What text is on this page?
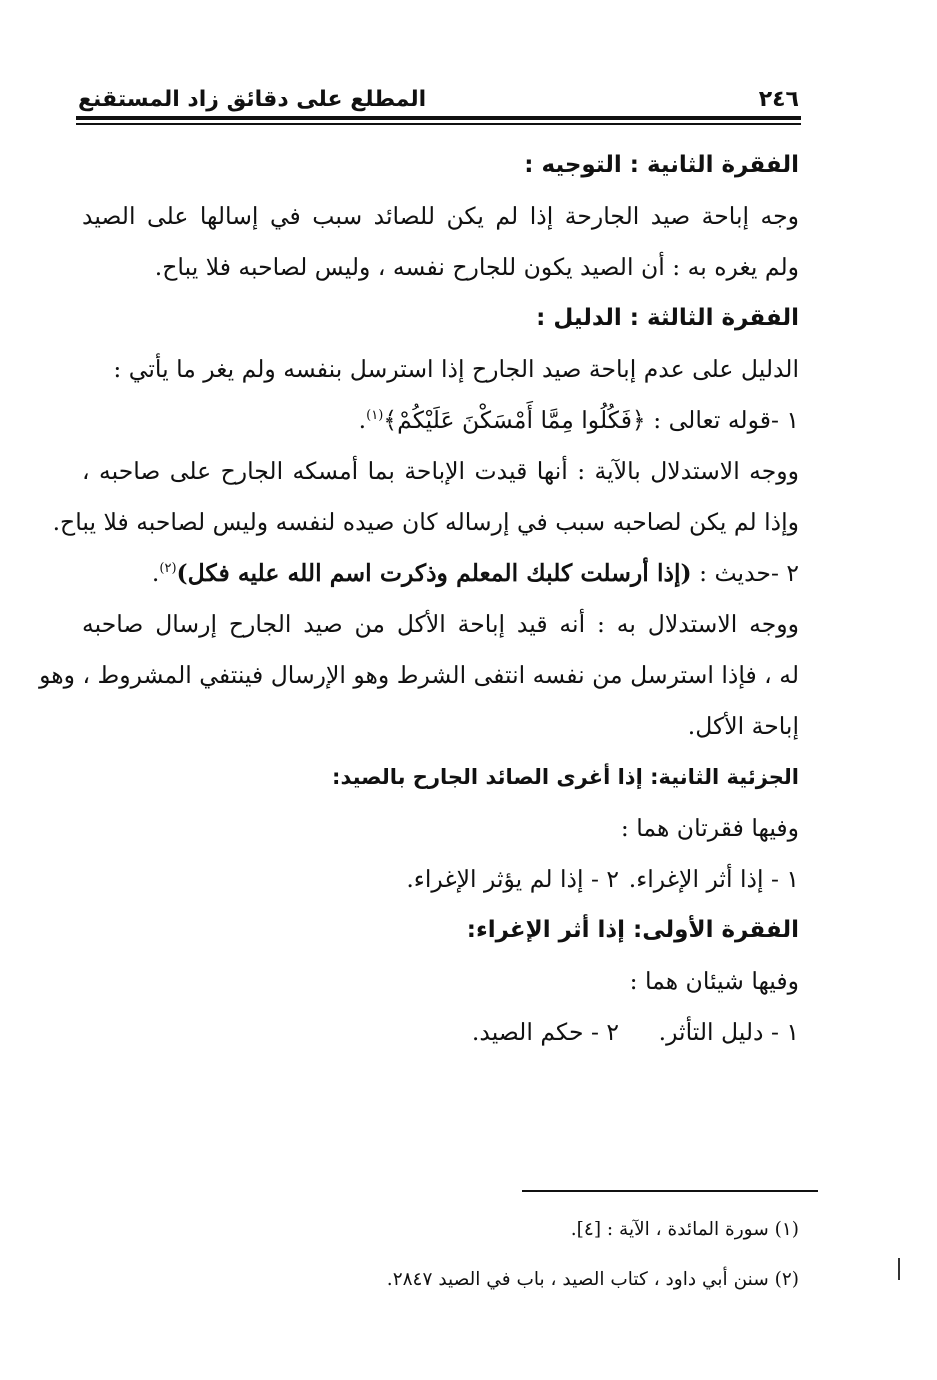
٢٤٦
المطلع على دقائق زاد المستقنع
الفقرة الثانية : التوجيه :
وجه إباحة صيد الجارحة إذا لم يكن للصائد سبب في إسالها على الصيد
ولم يغره به : أن الصيد يكون للجارح نفسه ، وليس لصاحبه فلا يباح.
الفقرة الثالثة : الدليل :
الدليل على عدم إباحة صيد الجارح إذا استرسل بنفسه ولم يغر ما يأتي :
١ -قوله تعالى : ﴿فَكُلُوا مِمَّا أَمْسَكْنَ عَلَيْكُمْ﴾$^{(١)}$.
ووجه الاستدلال بالآية : أنها قيدت الإباحة بما أمسكه الجارح على صاحبه ،
وإذا لم يكن لصاحبه سبب في إرساله كان صيده لنفسه وليس لصاحبه فلا يباح.
٢ -حديث : (إذا أرسلت كلبك المعلم وذكرت اسم الله عليه فكل)$^{(٢)}$.
ووجه الاستدلال به : أنه قيد إباحة الأكل من صيد الجارح إرسال صاحبه
له ، فإذا استرسل من نفسه انتفى الشرط وهو الإرسال فينتفي المشروط ، وهو
إباحة الأكل.
الجزئية الثانية: إذا أغرى الصائد الجارح بالصيد:
وفيها فقرتان هما :
١ - إذا أثر الإغراء.
٢ - إذا لم يؤثر الإغراء.
الفقرة الأولى: إذا أثر الإغراء:
وفيها شيئان هما :
١ - دليل التأثر.
٢ - حكم الصيد.
(١) سورة المائدة ، الآية : [٤].
(٢) سنن أبي داود ، كتاب الصيد ، باب في الصيد ٢٨٤٧.
